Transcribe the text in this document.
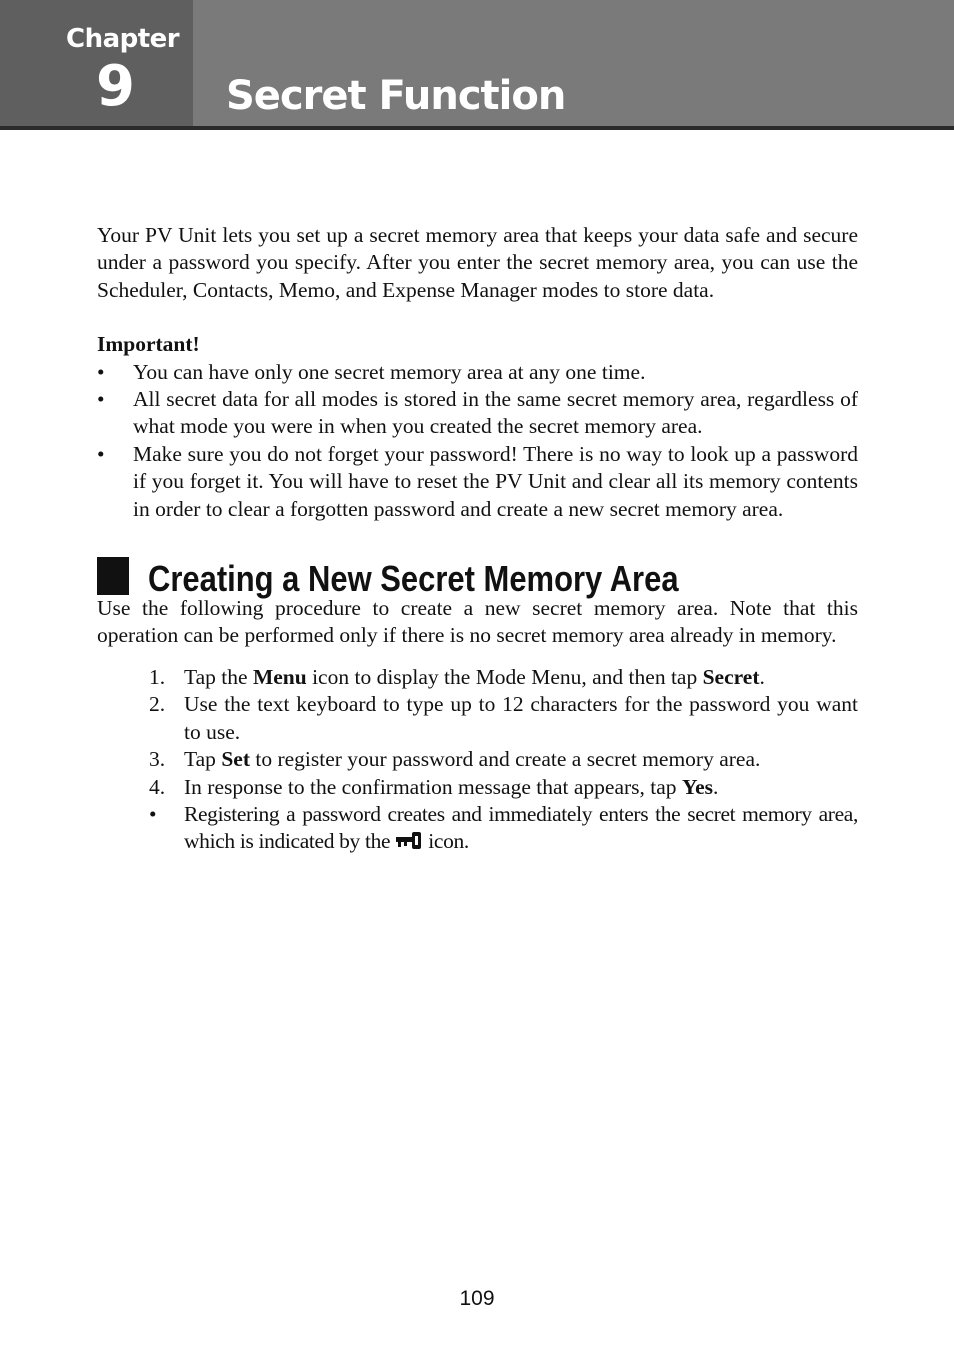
Chapter
9 Secret Function

Your PV Unit lets you set up a secret memory area that keeps your data safe and secure under a password you specify. After you enter the secret memory area, you can use the Scheduler, Contacts, Memo, and Expense Manager modes to store data.

Important!
• You can have only one secret memory area at any one time.
• All secret data for all modes is stored in the same secret memory area, regardless of what mode you were in when you created the secret memory area.
• Make sure you do not forget your password! There is no way to look up a password if you forget it. You will have to reset the PV Unit and clear all its memory contents in order to clear a forgotten password and create a new secret memory area.
Creating a New Secret Memory Area

Use the following procedure to create a new secret memory area. Note that this operation can be performed only if there is no secret memory area already in memory.

1. Tap the Menu icon to display the Mode Menu, and then tap Secret.
2. Use the text keyboard to type up to 12 characters for the password you want to use.
3. Tap Set to register your password and create a secret memory area.
4. In response to the confirmation message that appears, tap Yes.
• Registering a password creates and immediately enters the secret memory area, which is indicated by the  icon.
109
